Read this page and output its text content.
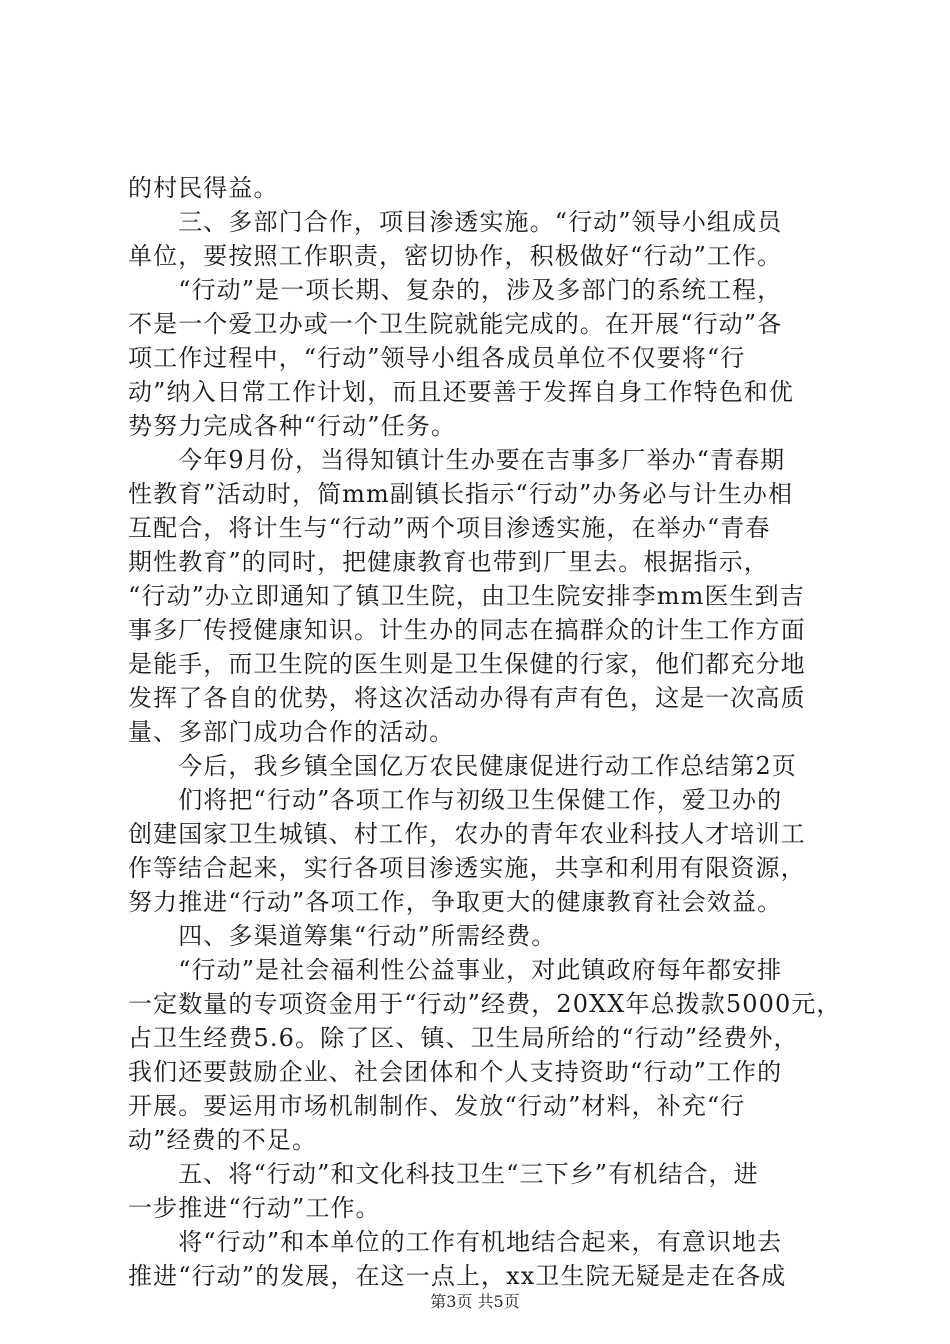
的村民得益。
　　三、多部门合作，项目渗透实施。“行动”领导小组成员
单位，要按照工作职责，密切协作，积极做好“行动”工作。
　　“行动”是一项长期、复杂的，涉及多部门的系统工程，
不是一个爱卫办或一个卫生院就能完成的。在开展“行动”各
项工作过程中，“行动”领导小组各成员单位不仅要将“行
动”纳入日常工作计划，而且还要善于发挥自身工作特色和优
势努力完成各种“行动”任务。
　　今年9月份，当得知镇计生办要在吉事多厂举办“青春期
性教育”活动时，简mm副镇长指示“行动”办务必与计生办相
互配合，将计生与“行动”两个项目渗透实施，在举办“青春
期性教育”的同时，把健康教育也带到厂里去。根据指示，
“行动”办立即通知了镇卫生院，由卫生院安排李mm医生到吉
事多厂传授健康知识。计生办的同志在搞群众的计生工作方面
是能手，而卫生院的医生则是卫生保健的行家，他们都充分地
发挥了各自的优势，将这次活动办得有声有色，这是一次高质
量、多部门成功合作的活动。
　　今后，我乡镇全国亿万农民健康促进行动工作总结第2页
　　们将把“行动”各项工作与初级卫生保健工作，爱卫办的
创建国家卫生城镇、村工作，农办的青年农业科技人才培训工
作等结合起来，实行各项目渗透实施，共享和利用有限资源，
努力推进“行动”各项工作，争取更大的健康教育社会效益。
　　四、多渠道筹集“行动”所需经费。
　　“行动”是社会福利性公益事业，对此镇政府每年都安排
一定数量的专项资金用于“行动”经费，20XX年总拨款5000元，
占卫生经费5.6。除了区、镇、卫生局所给的“行动”经费外，
我们还要鼓励企业、社会团体和个人支持资助“行动”工作的
开展。要运用市场机制制作、发放“行动”材料，补充“行
动”经费的不足。
　　五、将“行动”和文化科技卫生“三下乡”有机结合，进
一步推进“行动”工作。
　　将“行动”和本单位的工作有机地结合起来，有意识地去
推进“行动”的发展，在这一点上，xx卫生院无疑是走在各成
第3页 共5页
